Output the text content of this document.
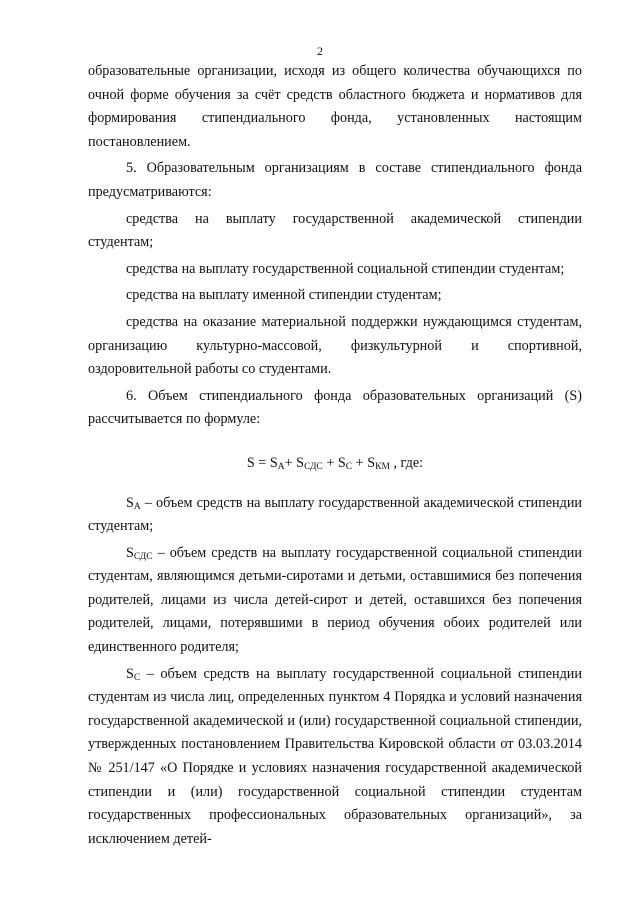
2

образовательные организации, исходя из общего количества обучающихся по очной форме обучения за счёт средств областного бюджета и нормативов для формирования стипендиального фонда, установленных настоящим постановлением.

5. Образовательным организациям в составе стипендиального фонда предусматриваются:

средства на выплату государственной академической стипендии студентам;

средства на выплату государственной социальной стипендии студентам;

средства на выплату именной стипендии студентам;

средства на оказание материальной поддержки нуждающимся студентам, организацию культурно-массовой, физкультурной и спортивной, оздоровительной работы со студентами.

6. Объем стипендиального фонда образовательных организаций (S) рассчитывается по формуле:

$S = S_А+ S_{СДС} + S_С + S_{КМ}$ , где:

$S_А$ – объем средств на выплату государственной академической стипендии студентам;

$S_{СДС}$ – объем средств на выплату государственной социальной стипендии студентам, являющимся детьми-сиротами и детьми, оставшимися без попечения родителей, лицами из числа детей-сирот и детей, оставшихся без попечения родителей, лицами, потерявшими в период обучения обоих родителей или единственного родителя;

$S_С$ – объем средств на выплату государственной социальной стипендии студентам из числа лиц, определенных пунктом 4 Порядка и условий назначения государственной академической и (или) государственной социальной стипендии, утвержденных постановлением Правительства Кировской области от 03.03.2014 № 251/147 «О Порядке и условиях назначения государственной академической стипендии и (или) государственной социальной стипендии студентам государственных профессиональных образовательных организаций», за исключением детей-
